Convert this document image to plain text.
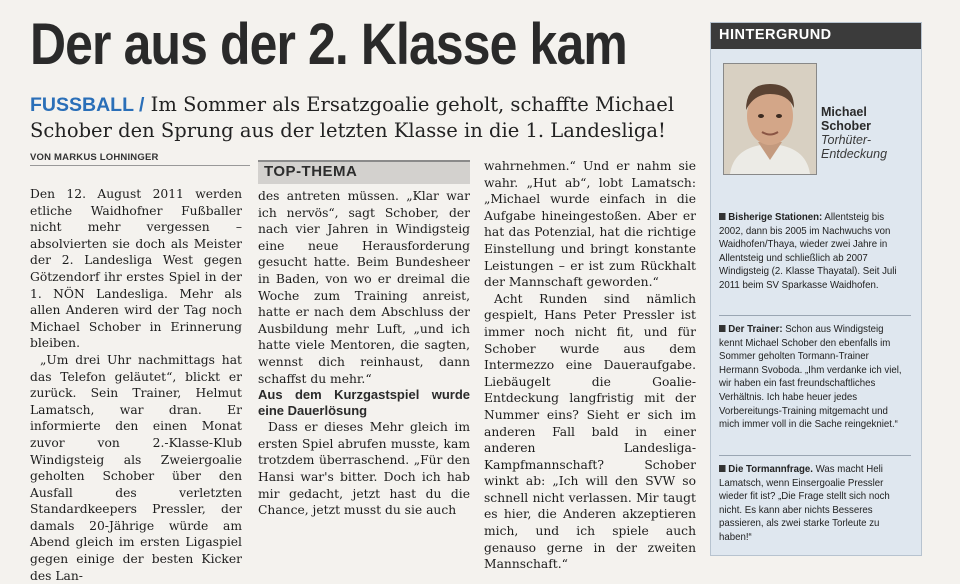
Der aus der 2. Klasse kam
FUSSBALL / Im Sommer als Ersatzgoalie geholt, schaffte Michael Schober den Sprung aus der letzten Klasse in die 1. Landesliga!
VON MARKUS LOHNINGER

Den 12. August 2011 werden etliche Waidhofner Fußballer nicht mehr vergessen – absolvierten sie doch als Meister der 2. Landesliga West gegen Götzendorf ihr erstes Spiel in der 1. NÖN Landesliga. Mehr als allen Anderen wird der Tag noch Michael Schober in Erinnerung bleiben.

„Um drei Uhr nachmittags hat das Telefon geläutet“, blickt er zurück. Sein Trainer, Helmut Lamatsch, war dran. Er informierte den einen Monat zuvor von 2.-Klasse-Klub Windigsteig als Zweiergoalie geholten Schober über den Ausfall des verletzten Standardkeepers Pressler, der damals 20-Jährige würde am Abend gleich im ersten Ligaspiel gegen einige der besten Kicker des Lan-

TOP-THEMA

des antreten müssen. „Klar war ich nervös“, sagt Schober, der nach vier Jahren in Windigsteig eine neue Herausforderung gesucht hatte. Beim Bundesheer in Baden, von wo er dreimal die Woche zum Training anreist, hatte er nach dem Abschluss der Ausbildung mehr Luft, „und ich hatte viele Mentoren, die sagten, wennst dich reinhaust, dann schaffst du mehr.“

Aus dem Kurzgastspiel wurde eine Dauerlösung

Dass er dieses Mehr gleich im ersten Spiel abrufen musste, kam trotzdem überraschend. „Für den Hansi war's bitter. Doch ich hab mir gedacht, jetzt hast du die Chance, jetzt musst du sie auch

wahrnehmen.“ Und er nahm sie wahr. „Hut ab“, lobt Lamatsch: „Michael wurde einfach in die Aufgabe hineingestoßen. Aber er hat das Potenzial, hat die richtige Einstellung und bringt konstante Leistungen – er ist zum Rückhalt der Mannschaft geworden.“

Acht Runden sind nämlich gespielt, Hans Peter Pressler ist immer noch nicht fit, und für Schober wurde aus dem Intermezzo eine Daueraufgabe. Liebäugelt die Goalie-Entdeckung langfristig mit der Nummer eins? Sieht er sich im anderen Fall bald in einer anderen Landesliga-Kampfmannschaft? Schober winkt ab: „Ich will den SVW so schnell nicht verlassen. Mir taugt es hier, die Anderen akzeptieren mich, und ich spiele auch genauso gerne in der zweiten Mannschaft.“

HINTERGRUND
Michael Schober
Torhüter-Entdeckung
Bisherige Stationen: Allentsteig bis 2002, dann bis 2005 im Nachwuchs von Waidhofen/Thaya, wieder zwei Jahre in Allentsteig und schließlich ab 2007 Windigsteig (2. Klasse Thayatal). Seit Juli 2011 beim SV Sparkasse Waidhofen.
Der Trainer: Schon aus Windigsteig kennt Michael Schober den ebenfalls im Sommer geholten Tormann-Trainer Hermann Svoboda. „Ihm verdanke ich viel, wir haben ein fast freundschaftliches Verhältnis. Ich habe heuer jedes Vorbereitungs-Training mitgemacht und mich immer voll in die Sache reingekniet.“
Die Tormannfrage. Was macht Heli Lamatsch, wenn Einsergoalie Pressler wieder fit ist? „Die Frage stellt sich noch nicht. Es kann aber nichts Besseres passieren, als zwei starke Torleute zu haben!“
